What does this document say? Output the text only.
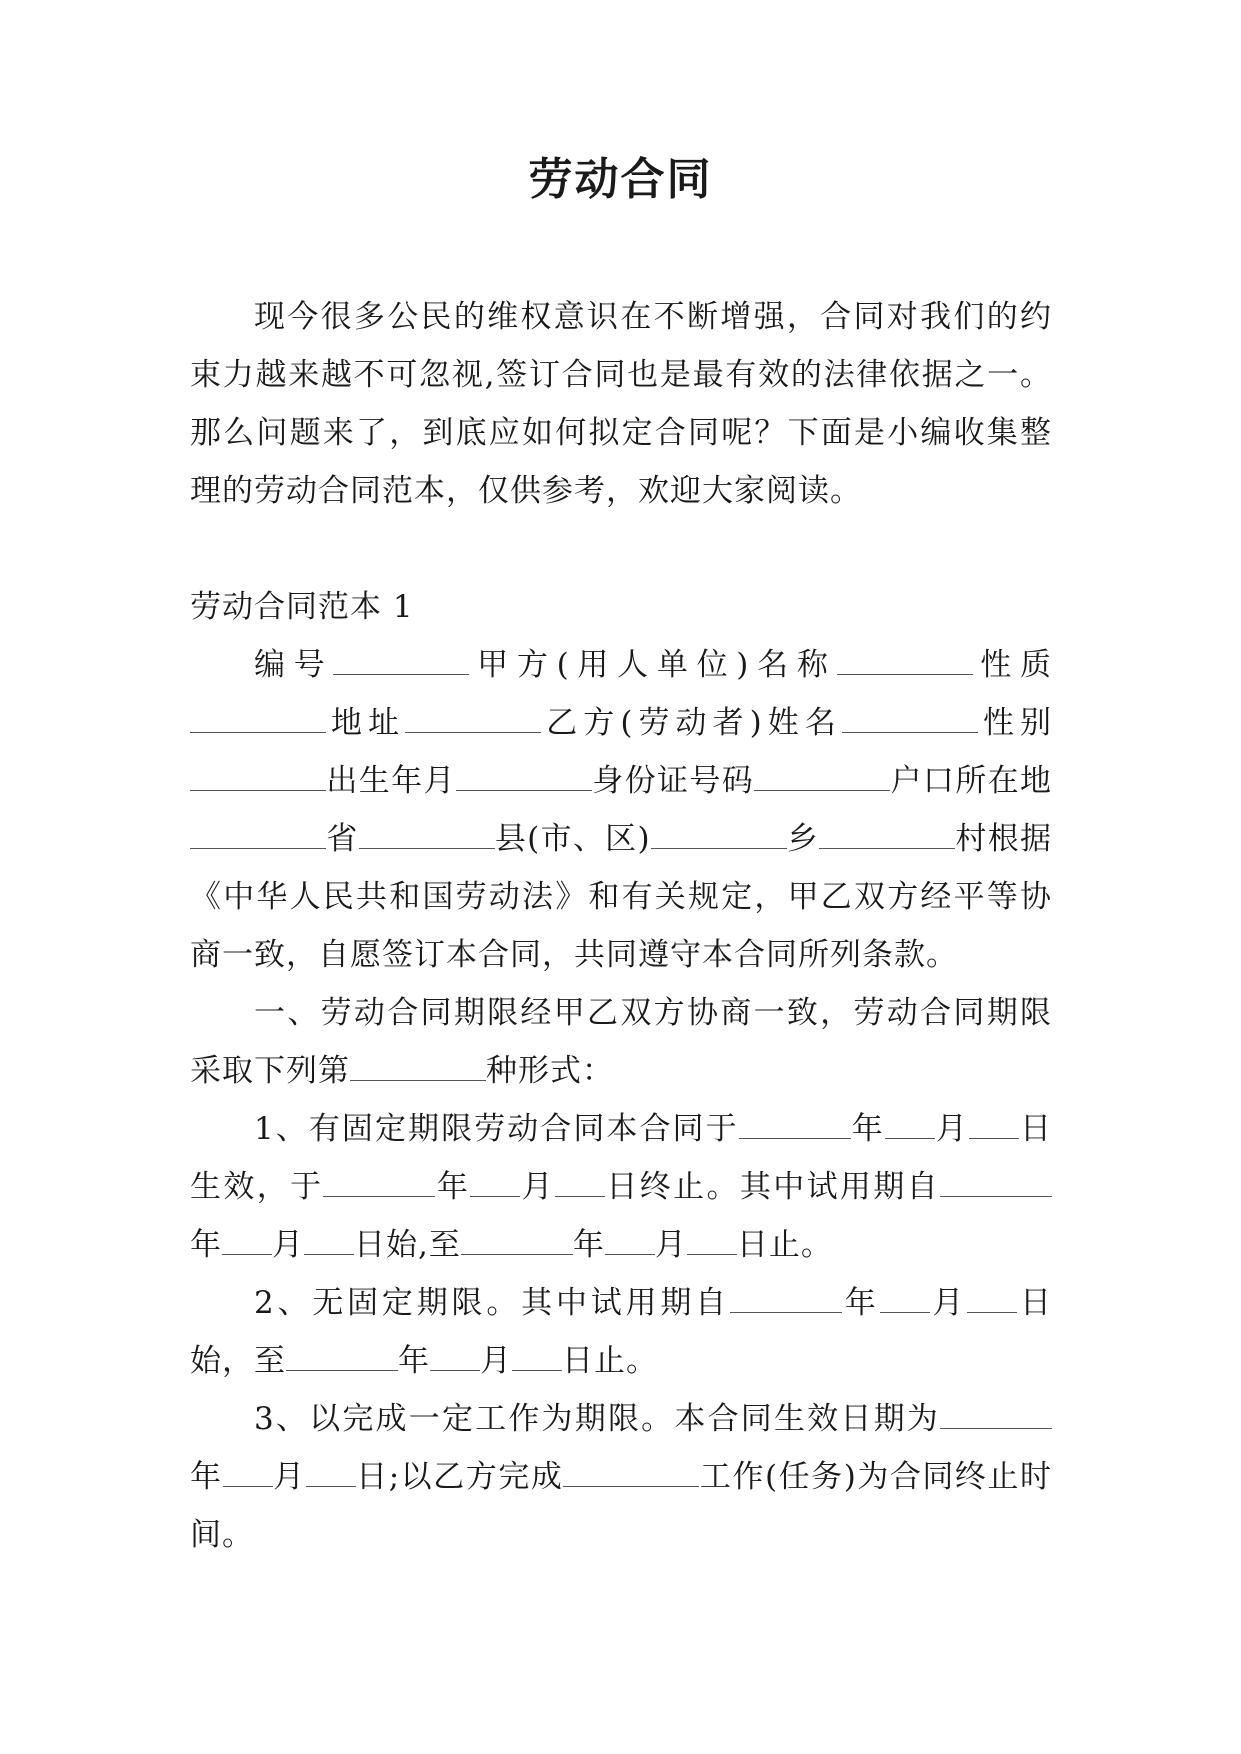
劳动合同

现今很多公民的维权意识在不断增强，合同对我们的约束力越来越不可忽视,签订合同也是最有效的法律依据之一。那么问题来了，到底应如何拟定合同呢？下面是小编收集整理的劳动合同范本，仅供参考，欢迎大家阅读。

劳动合同范本 1

编号	甲方(用人单位)名称	性质地址	乙方(劳动者)姓名	性别出生年月	身份证号码	户口所在地省	县(市、区)	乡	村根据《中华人民共和国劳动法》和有关规定，甲乙双方经平等协商一致，自愿签订本合同，共同遵守本合同所列条款。

一、劳动合同期限经甲乙双方协商一致，劳动合同期限采取下列第	种形式：

1、有固定期限劳动合同本合同于	年 月 日生效，于	年 月 日终止。其中试用期自年 月 日始,至	年 月 日止。

2、无固定期限。其中试用期自	年 月 日始，至	年 月 日止。

3、以完成一定工作为期限。本合同生效日期为年 月 日;以乙方完成	工作(任务)为合同终止时间。
